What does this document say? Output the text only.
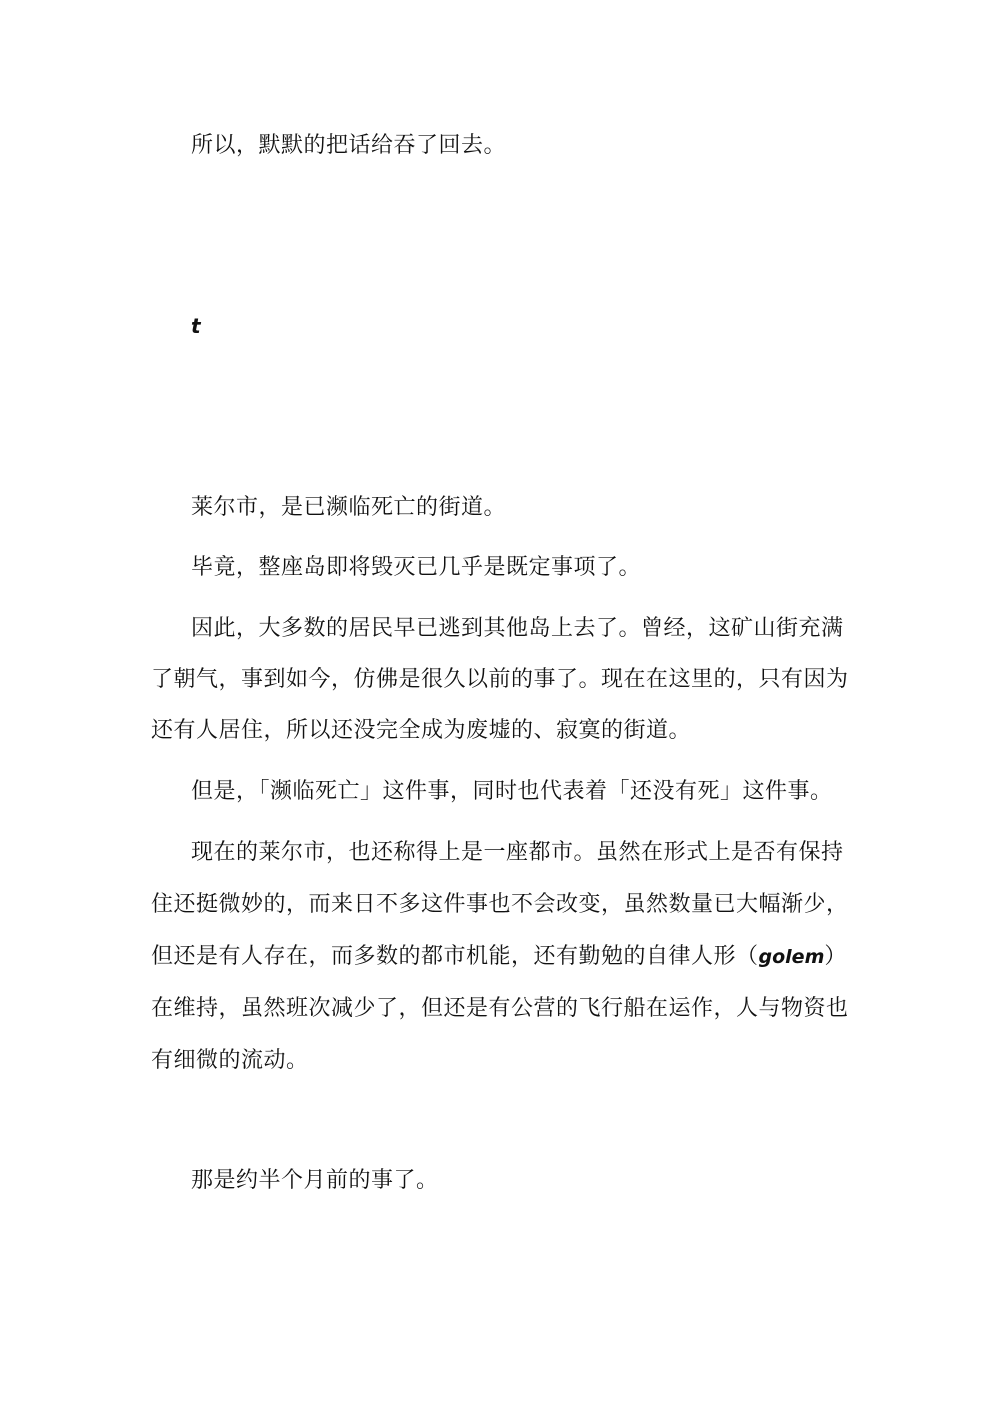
所以，默默的把话给吞了回去。

t

莱尔市，是已濒临死亡的街道。

毕竟，整座岛即将毁灭已几乎是既定事项了。

因此，大多数的居民早已逃到其他岛上去了。曾经，这矿山街充满

了朝气，事到如今，仿佛是很久以前的事了。现在在这里的，只有因为

还有人居住，所以还没完全成为废墟的、寂寞的街道。

但是，「濒临死亡」这件事，同时也代表着「还没有死」这件事。

现在的莱尔市，也还称得上是一座都市。虽然在形式上是否有保持

住还挺微妙的，而来日不多这件事也不会改变，虽然数量已大幅渐少，

但还是有人存在，而多数的都市机能，还有勤勉的自律人形（golem）

在维持，虽然班次减少了，但还是有公营的飞行船在运作，人与物资也

有细微的流动。

那是约半个月前的事了。
